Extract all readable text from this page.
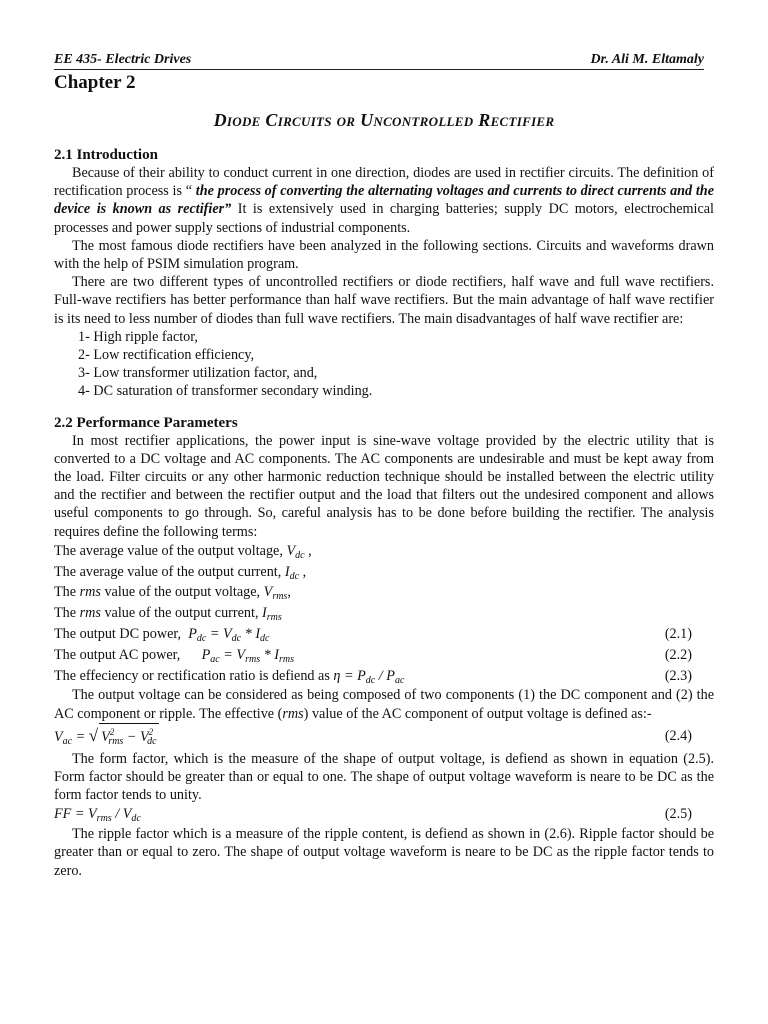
EE 435- Electric Drives	Dr. Ali M. Eltamaly
Chapter 2
Diode Circuits or Uncontrolled Rectifier
2.1 Introduction

Because of their ability to conduct current in one direction, diodes are used in rectifier circuits. The definition of rectification process is “ the process of converting the alternating voltages and currents to direct currents and the device is known as rectifier” It is extensively used in charging batteries; supply DC motors, electrochemical processes and power supply sections of industrial components.

The most famous diode rectifiers have been analyzed in the following sections. Circuits and waveforms drawn with the help of PSIM simulation program.

There are two different types of uncontrolled rectifiers or diode rectifiers, half wave and full wave rectifiers. Full-wave rectifiers has better performance than half wave rectifiers. But the main advantage of half wave rectifier is its need to less number of diodes than full wave rectifiers. The main disadvantages of half wave rectifier are:

1- High ripple factor,
2- Low rectification efficiency,
3- Low transformer utilization factor, and,
4- DC saturation of transformer secondary winding.
2.2 Performance Parameters

In most rectifier applications, the power input is sine-wave voltage provided by the electric utility that is converted to a DC voltage and AC components. The AC components are undesirable and must be kept away from the load. Filter circuits or any other harmonic reduction technique should be installed between the electric utility and the rectifier and between the rectifier output and the load that filters out the undesired component and allows useful components to go through. So, careful analysis has to be done before building the rectifier. The analysis requires define the following terms:

The average value of the output voltage, $V_{dc}$ ,
The average value of the output current, $I_{dc}$ ,
The rms value of the output voltage, $V_{rms}$,
The rms value of the output current, $I_{rms}$
The output DC power, $P_{dc} = V_{dc} * I_{dc}$	(2.1)
The output AC power, $P_{ac} = V_{rms} * I_{rms}$	(2.2)
The effeciency or rectification ratio is defiend as $\eta = P_{dc} / P_{ac}$	(2.3)

The output voltage can be considered as being composed of two components (1) the DC component and (2) the AC component or ripple. The effective (rms) value of the AC component of output voltage is defined as:-

$V_{ac}$ = √ $V^2_{rms} - V^2_{dc}$	(2.4)

The form factor, which is the measure of the shape of output voltage, is defiend as shown in equation (2.5). Form factor should be greater than or equal to one. The shape of output voltage waveform is neare to be DC as the form factor tends to unity.

FF = $V_{rms} / V_{dc}$	(2.5)

The ripple factor which is a measure of the ripple content, is defiend as shown in (2.6). Ripple factor should be greater than or equal to zero. The shape of output voltage waveform is neare to be DC as the ripple factor tends to zero.
